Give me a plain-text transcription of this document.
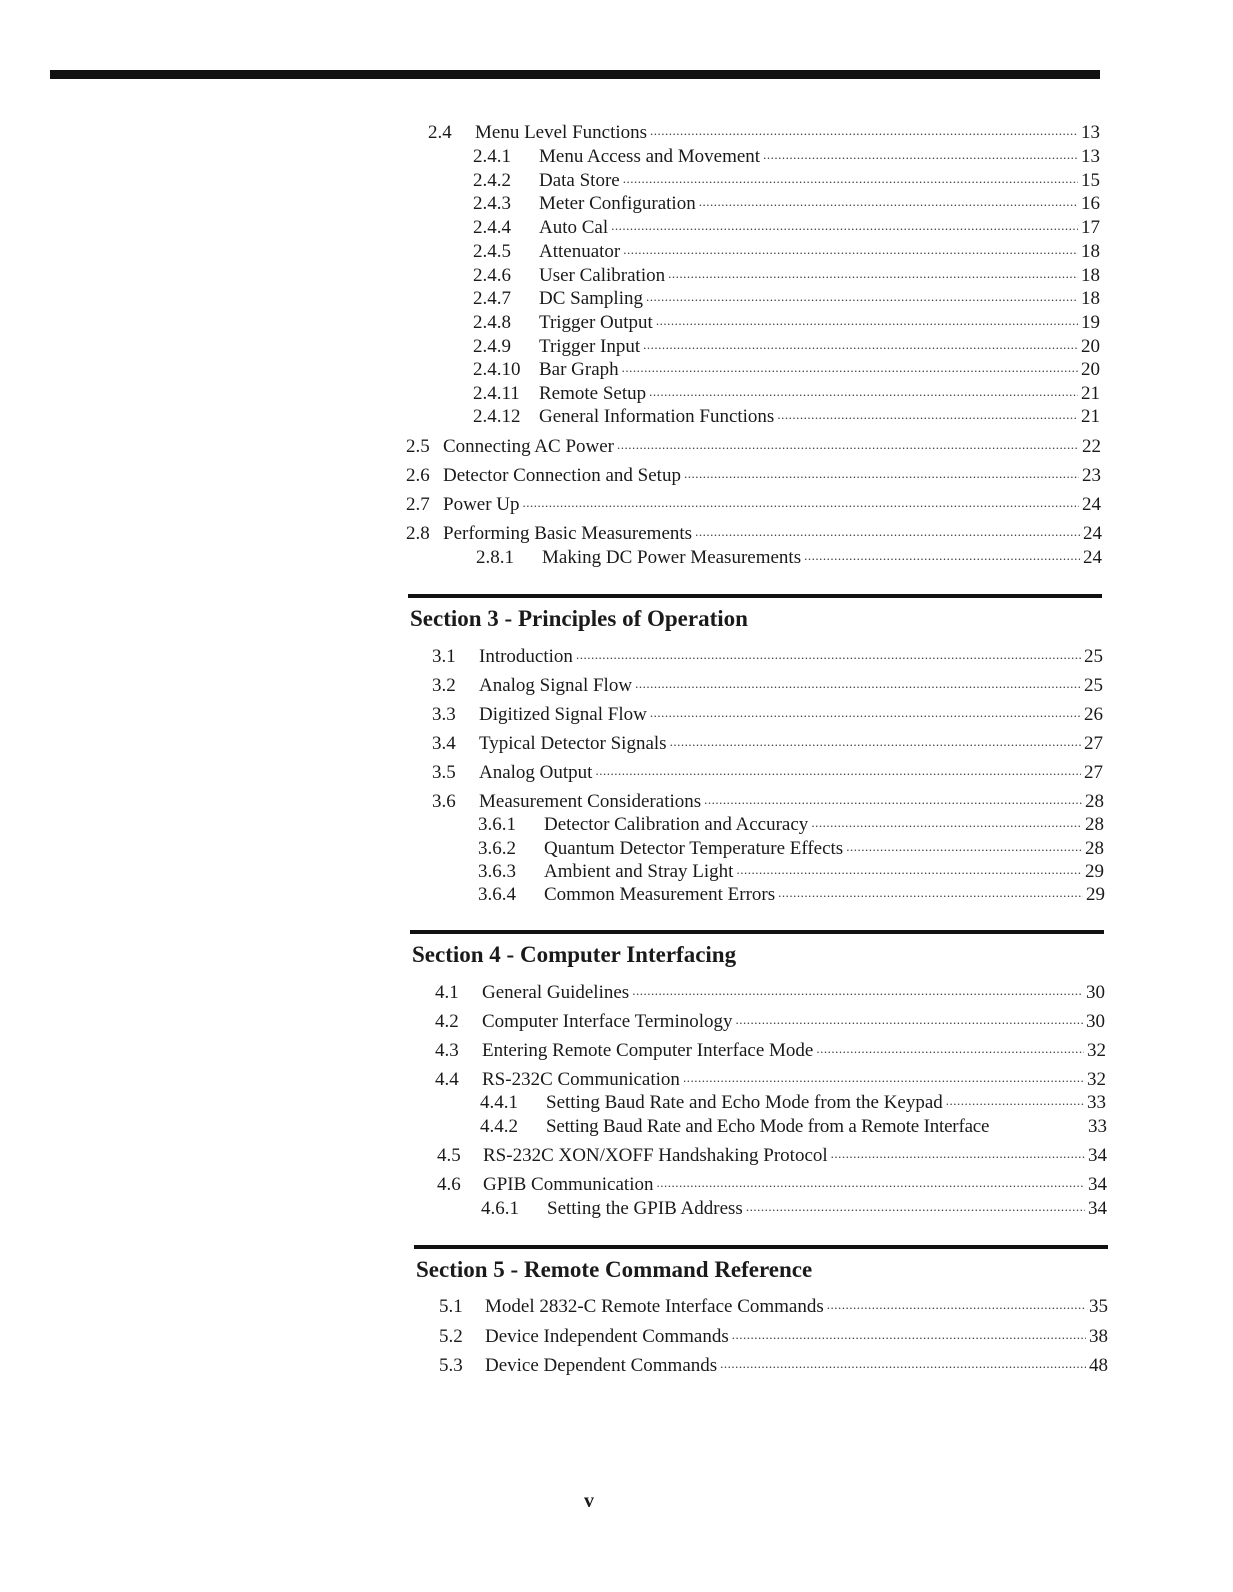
Section 3 - Principles of Operation
Section 4 - Computer Interfacing
Section 5 - Remote Command Reference
2.4	Menu Level Functions .....	13
2.4.1	Menu Access and Movement .....	13
2.4.2	Data Store .....	15
2.4.3	Meter Configuration .....	16
2.4.4	Auto Cal .....	17
2.4.5	Attenuator .....	18
2.4.6	User Calibration .....	18
2.4.7	DC Sampling .....	18
2.4.8	Trigger Output .....	19
2.4.9	Trigger Input .....	20
2.4.10 Bar Graph .....	20
2.4.11	Remote Setup .....	21
2.4.12 General Information Functions .....	21
2.5 Connecting AC Power .....	22
2.6 Detector Connection and Setup .....	23
2.7 Power Up .....	24
2.8 Performing Basic Measurements .....	24
2.8.1	Making DC Power Measurements .....	24
3.1	Introduction .....	25
3.2	Analog Signal Flow .....	25
3.3	Digitized Signal Flow .....	26
3.4	Typical Detector Signals .....	27
3.5	Analog Output .....	27
3.6	Measurement Considerations .....	28
3.6.1	Detector Calibration and Accuracy .....	28
3.6.2	Quantum Detector Temperature Effects .....	28
3.6.3	Ambient and Stray Light .....	29
3.6.4	Common Measurement Errors .....	29
4.1	General Guidelines .....	30
4.2	Computer Interface Terminology .....	30
4.3	Entering Remote Computer Interface Mode .....	32
4.4	RS-232C Communication .....	32
4.4.1	Setting Baud Rate and Echo Mode from the Keypad .....	33
4.4.2	Setting Baud Rate and Echo Mode from a Remote Interface	33
4.5	RS-232C XON/XOFF Handshaking Protocol .....	34
4.6	GPIB Communication .....	34
4.6.1	Setting the GPIB Address .....	34
5.1	Model 2832-C Remote Interface Commands .....	35
5.2	Device Independent Commands .....	38
5.3	Device Dependent Commands .....	48
v
